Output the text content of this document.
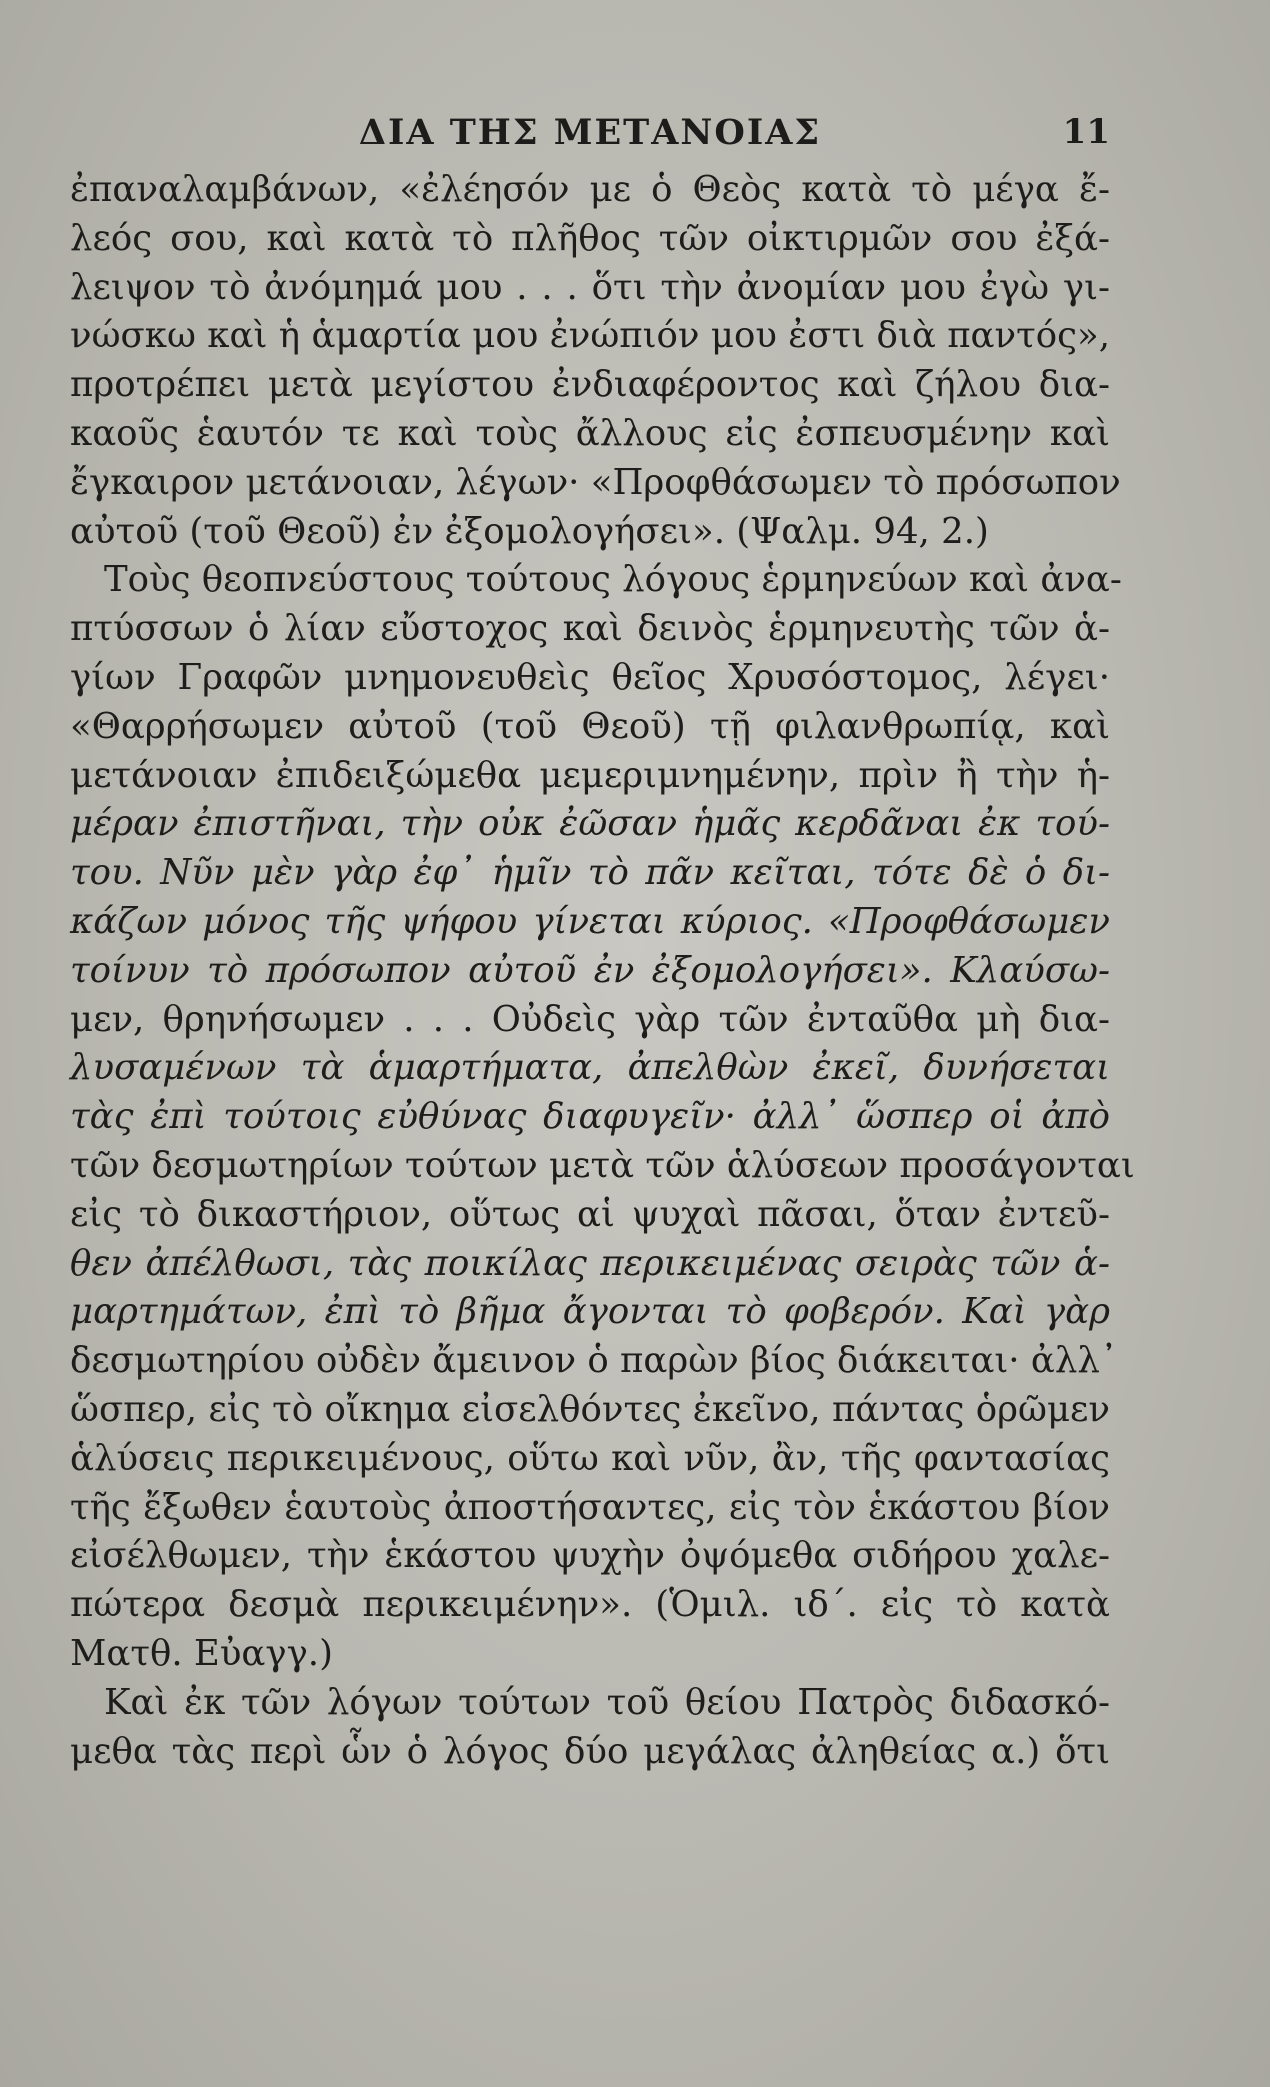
ΔΙΑ ΤΗΣ ΜΕΤΑΝΟΙΑΣ	11
ἐπαναλαμβάνων, «ἐλέησόν με ὁ Θεὸς κατὰ τὸ μέγα ἔ-
λεός σου, καὶ κατὰ τὸ πλῆθος τῶν οἰκτιρμῶν σου ἐξά-
λειψον τὸ ἀνόμημά μου . . . ὅτι τὴν ἀνομίαν μου ἐγὼ γι-
νώσκω καὶ ἡ ἁμαρτία μου ἐνώπιόν μου ἐστι διὰ παντός»,
προτρέπει μετὰ μεγίστου ἐνδιαφέροντος καὶ ζήλου δια-
καοῦς ἑαυτόν τε καὶ τοὺς ἄλλους εἰς ἐσπευσμένην καὶ
ἔγκαιρον μετάνοιαν, λέγων· «Προφθάσωμεν τὸ πρόσωπον
αὐτοῦ (τοῦ Θεοῦ) ἐν ἐξομολογήσει». (Ψαλμ. 94, 2.)
Τοὺς θεοπνεύστους τούτους λόγους ἑρμηνεύων καὶ ἀνα-
πτύσσων ὁ λίαν εὔστοχος καὶ δεινὸς ἑρμηνευτὴς τῶν ἁ-
γίων Γραφῶν μνημονευθεὶς θεῖος Χρυσόστομος, λέγει·
«Θαρρήσωμεν αὐτοῦ (τοῦ Θεοῦ) τῇ φιλανθρωπίᾳ, καὶ
μετάνοιαν ἐπιδειξώμεθα μεμεριμνημένην, πρὶν ἢ τὴν ἡ-
μέραν ἐπιστῆναι, τὴν οὐκ ἐῶσαν ἡμᾶς κερδᾶναι ἐκ τού-
του. Νῦν μὲν γὰρ ἐφ᾽ ἡμῖν τὸ πᾶν κεῖται, τότε δὲ ὁ δι-
κάζων μόνος τῆς ψήφου γίνεται κύριος. «Προφθάσωμεν
τοίνυν τὸ πρόσωπον αὐτοῦ ἐν ἐξομολογήσει». Κλαύσω-
μεν, θρηνήσωμεν . . . Οὐδεὶς γὰρ τῶν ἐνταῦθα μὴ δια-
λυσαμένων τὰ ἁμαρτήματα, ἀπελθὼν ἐκεῖ, δυνήσεται
τὰς ἐπὶ τούτοις εὐθύνας διαφυγεῖν· ἀλλ᾽ ὥσπερ οἱ ἀπὸ
τῶν δεσμωτηρίων τούτων μετὰ τῶν ἁλύσεων προσάγονται
εἰς τὸ δικαστήριον, οὕτως αἱ ψυχαὶ πᾶσαι, ὅταν ἐντεῦ-
θεν ἀπέλθωσι, τὰς ποικίλας περικειμένας σειρὰς τῶν ἁ-
μαρτημάτων, ἐπὶ τὸ βῆμα ἄγονται τὸ φοβερόν. Καὶ γὰρ
δεσμωτηρίου οὐδὲν ἄμεινον ὁ παρὼν βίος διάκειται· ἀλλ᾽
ὥσπερ, εἰς τὸ οἴκημα εἰσελθόντες ἐκεῖνο, πάντας ὁρῶμεν
ἁλύσεις περικειμένους, οὕτω καὶ νῦν, ἂν, τῆς φαντασίας
τῆς ἔξωθεν ἑαυτοὺς ἀποστήσαντες, εἰς τὸν ἑκάστου βίον
εἰσέλθωμεν, τὴν ἑκάστου ψυχὴν ὀψόμεθα σιδήρου χαλε-
πώτερα δεσμὰ περικειμένην». (Ὁμιλ. ιδ΄. εἰς τὸ κατὰ
Ματθ. Εὐαγγ.)
Καὶ ἐκ τῶν λόγων τούτων τοῦ θείου Πατρὸς διδασκό-
μεθα τὰς περὶ ὧν ὁ λόγος δύο μεγάλας ἀληθείας α.) ὅτι
